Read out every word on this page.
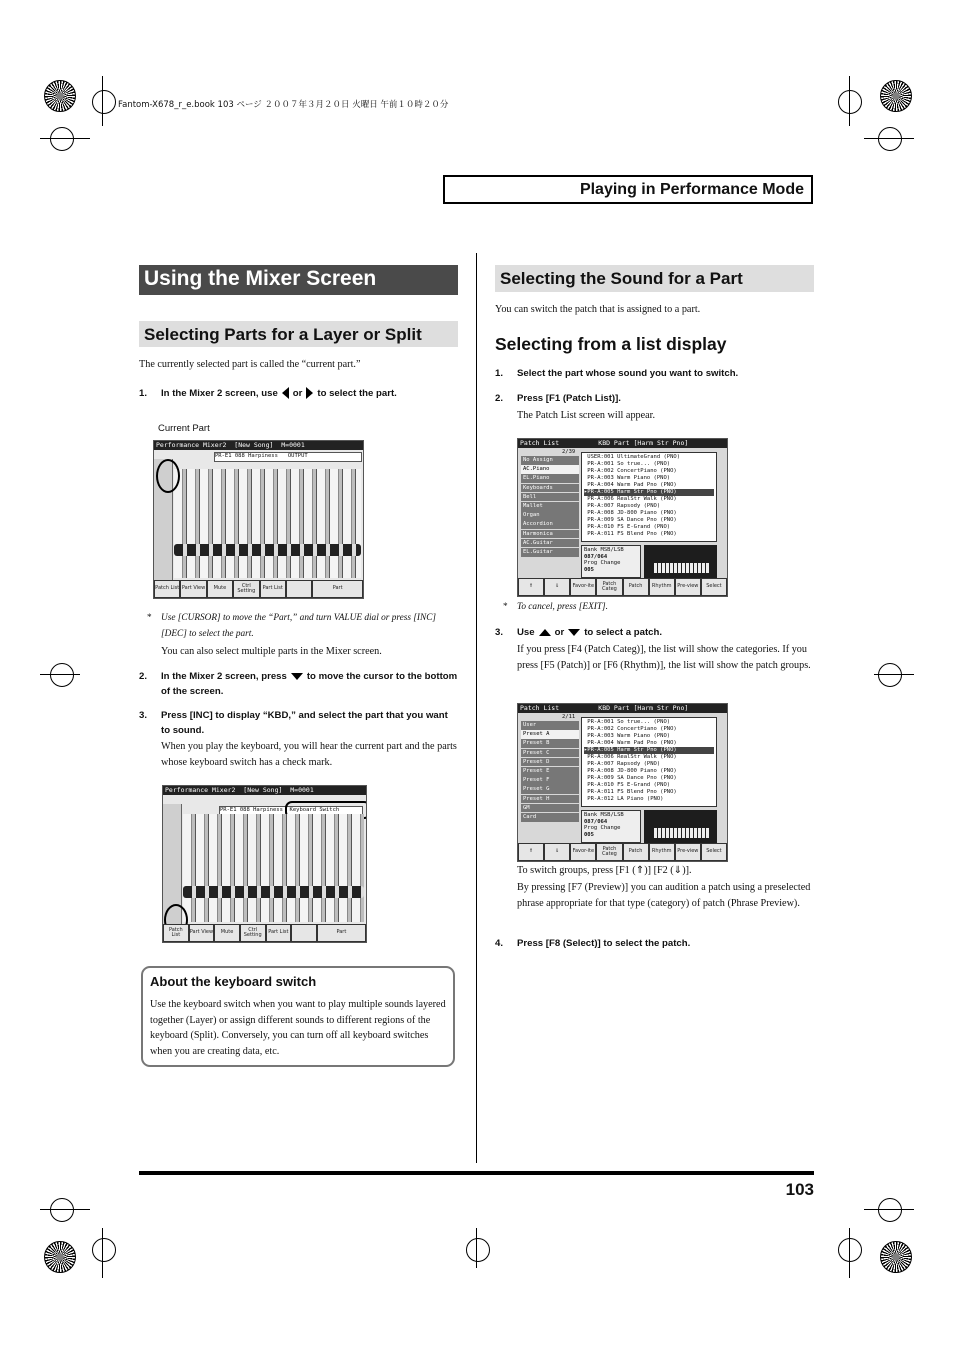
Fantom-X678_r_e.book 103 ページ ２００７年３月２０日 火曜日 午前１０時２０分
Playing in Performance Mode
Using the Mixer Screen
Selecting Parts for a Layer or Split
The currently selected part is called the “current part.”
1. In the Mixer 2 screen, use or to select the part.
Current Part
Performance Mixer2  [New Song]  M=0001
PR-E1 088 Harpiness OUTPUT
Patch List Part View	Mute	Ctrl Setting	Part List	Part
* Use [CURSOR] to move the “Part,” and turn VALUE dial or press [INC] [DEC] to select the part.
You can also select multiple parts in the Mixer screen.
2. In the Mixer 2 screen, press to move the cursor to the bottom of the screen.
3. Press [INC] to display “KBD,” and select the part that you want to sound.
When you play the keyboard, you will hear the current part and the parts whose keyboard switch has a check mark.
Performance Mixer2  [New Song]  M=0001
PR-E1 088 Harpiness Keyboard Switch
Patch List	Part View	Mute	Ctrl Setting	Part List	Part
About the keyboard switch
Use the keyboard switch when you want to play multiple sounds layered together (Layer) or assign different sounds to different regions of the keyboard (Split). Conversely, you can turn off all keyboard switches when you are creating data, etc.
Selecting the Sound for a Part
You can switch the patch that is assigned to a part.
Selecting from a list display
1. Select the part whose sound you want to switch.
2. Press [F1 (Patch List)].
The Patch List screen will appear.
Patch List	KBD Part [Harm Str Pno]
2/39
No Assign
AC.Piano
EL.Piano
Keyboards
Bell
Mallet
Organ
Accordion
Harmonica
AC.Guitar
EL.Guitar
USER:001 UltimateGrand (PNO)
PR-A:001 So true... (PNO)
PR-A:002 ConcertPiano (PNO)
PR-A:003 Warm Piano (PNO)
PR-A:004 Warm Pad Pno (PNO)
▸PR-A:005 Harm Str Pno (PNO)
PR-A:006 RealStr Walk (PNO)
PR-A:007 Rapsody (PNO)
PR-A:008 JD-800 Piano (PNO)
PR-A:009 SA Dance Pno (PNO)
PR-A:010 FS E-Grand (PNO)
PR-A:011 FS Blend Pno (PNO)
Bank MSB/LSB
087/064
Prog Change
005
⇑	⇓	Favor-ite	Patch Categ	Patch	Rhythm	Pre-view	Select
* To cancel, press [EXIT].
3. Use or to select a patch.
If you press [F4 (Patch Categ)], the list will show the categories. If you press [F5 (Patch)] or [F6 (Rhythm)], the list will show the patch groups.
Patch List	KBD Part [Harm Str Pno]
2/11
User
Preset A
Preset B
Preset C
Preset D
Preset E
Preset F
Preset G
Preset H
GM
Card
PR-A:001 So true... (PNO)
PR-A:002 ConcertPiano (PNO)
PR-A:003 Warm Piano (PNO)
PR-A:004 Warm Pad Pno (PNO)
▸PR-A:005 Harm Str Pno (PNO)
PR-A:006 RealStr Walk (PNO)
PR-A:007 Rapsody (PNO)
PR-A:008 JD-800 Piano (PNO)
PR-A:009 SA Dance Pno (PNO)
PR-A:010 FS E-Grand (PNO)
PR-A:011 FS Blend Pno (PNO)
PR-A:012 LA Piano (PNO)
Bank MSB/LSB
087/064
Prog Change
005
⇑	⇓	Favor-ite	Patch Categ	Patch	Rhythm	Pre-view	Select
To switch groups, press [F1 (⇑)] [F2 (⇓)].
By pressing [F7 (Preview)] you can audition a patch using a preselected phrase appropriate for that type (category) of patch (Phrase Preview).
4. Press [F8 (Select)] to select the patch.
103
